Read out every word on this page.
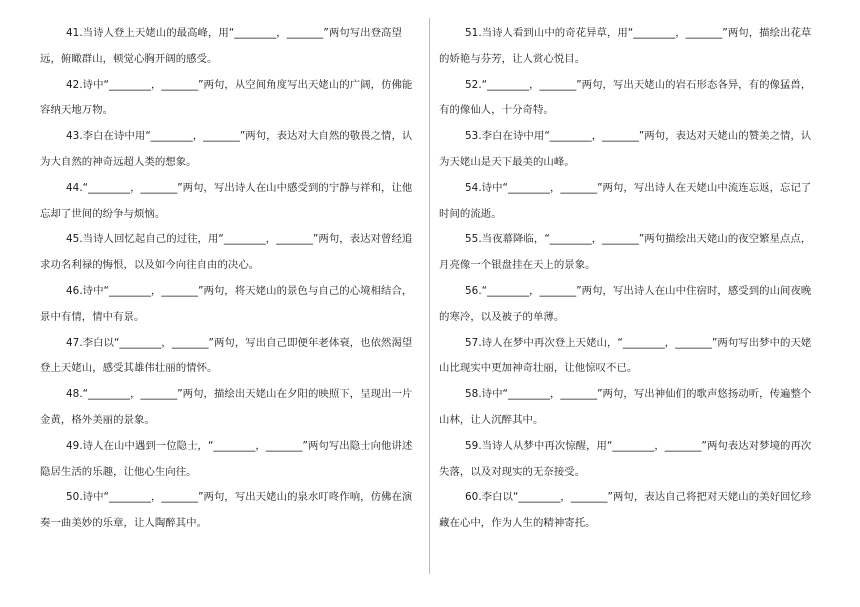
41.当诗人登上天姥山的最高峰，用“________，_______”两句写出登高望远，俯瞰群山，顿觉心胸开阔的感受。

42.诗中“________，_______”两句，从空间角度写出天姥山的广阔，仿佛能容纳天地万物。

43.李白在诗中用“________，_______”两句，表达对大自然的敬畏之情，认为大自然的神奇远超人类的想象。

44.“________，_______”两句，写出诗人在山中感受到的宁静与祥和，让他忘却了世间的纷争与烦恼。

45.当诗人回忆起自己的过往，用“________，_______”两句，表达对曾经追求功名利禄的悔恨，以及如今向往自由的决心。

46.诗中“________，_______”两句，将天姥山的景色与自己的心境相结合，景中有情，情中有景。

47.李白以“________，_______”两句，写出自己即便年老体衰，也依然渴望登上天姥山，感受其雄伟壮丽的情怀。

48.“________，_______”两句，描绘出天姥山在夕阳的映照下，呈现出一片金黄，格外美丽的景象。

49.诗人在山中遇到一位隐士，“________，_______”两句写出隐士向他讲述隐居生活的乐趣，让他心生向往。

50.诗中“________，_______”两句，写出天姥山的泉水叮咚作响，仿佛在演奏一曲美妙的乐章，让人陶醉其中。

51.当诗人看到山中的奇花异草，用“________，_______”两句，描绘出花草的娇艳与芬芳，让人赏心悦目。

52.“________，_______”两句，写出天姥山的岩石形态各异，有的像猛兽，有的像仙人，十分奇特。

53.李白在诗中用“________，_______”两句，表达对天姥山的赞美之情，认为天姥山是天下最美的山峰。

54.诗中“________，_______”两句，写出诗人在天姥山中流连忘返，忘记了时间的流逝。

55.当夜幕降临，“________，_______”两句描绘出天姥山的夜空繁星点点，月亮像一个银盘挂在天上的景象。

56.“________，_______”两句，写出诗人在山中住宿时，感受到的山间夜晚的寒冷，以及被子的单薄。

57.诗人在梦中再次登上天姥山，“________，_______”两句写出梦中的天姥山比现实中更加神奇壮丽，让他惊叹不已。

58.诗中“________，_______”两句，写出神仙们的歌声悠扬动听，传遍整个山林，让人沉醉其中。

59.当诗人从梦中再次惊醒，用“________，_______”两句表达对梦境的再次失落，以及对现实的无奈接受。

60.李白以“________，_______”两句，表达自己将把对天姥山的美好回忆珍藏在心中，作为人生的精神寄托。
